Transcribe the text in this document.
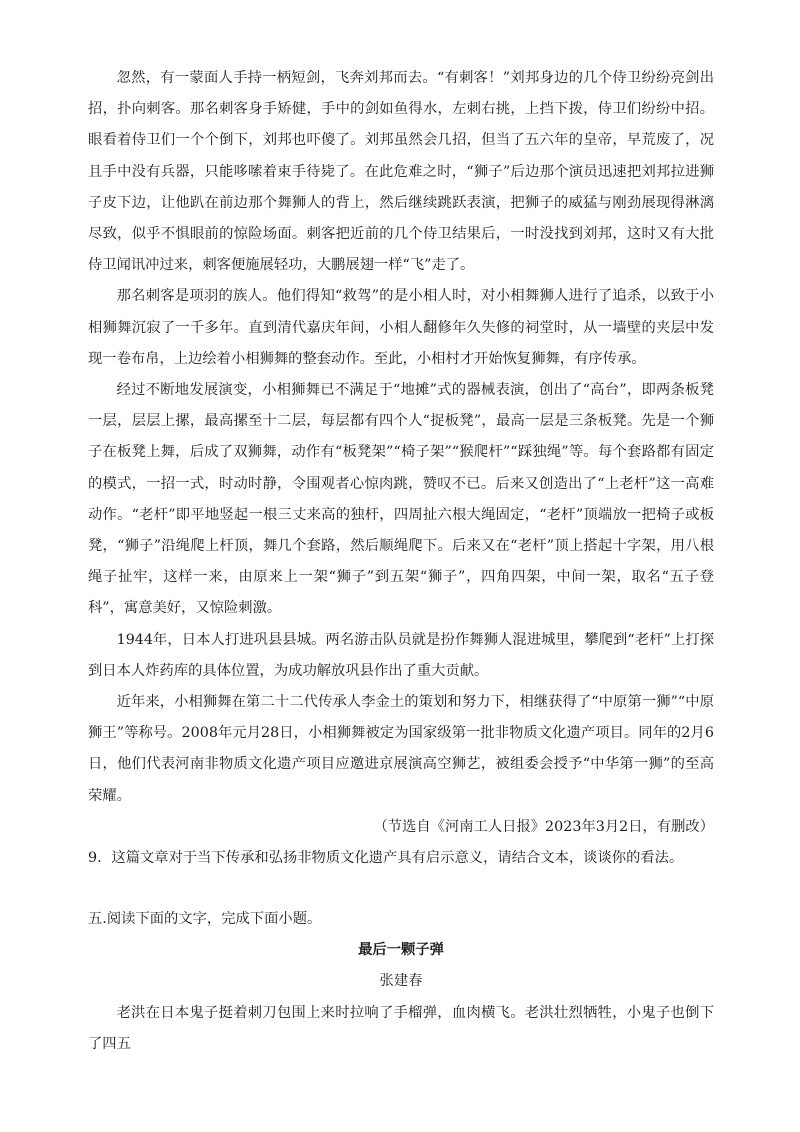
忽然，有一蒙面人手持一柄短剑，飞奔刘邦而去。“有刺客！”刘邦身边的几个侍卫纷纷亮剑出招，扑向刺客。那名刺客身手矫健，手中的剑如鱼得水，左刺右挑，上挡下拨，侍卫们纷纷中招。眼看着侍卫们一个个倒下，刘邦也吓傻了。刘邦虽然会几招，但当了五六年的皇帝，早荒废了，况且手中没有兵器，只能哆嗦着束手待毙了。在此危难之时，“狮子”后边那个演员迅速把刘邦拉进狮子皮下边，让他趴在前边那个舞狮人的背上，然后继续跳跃表演，把狮子的威猛与刚劲展现得淋漓尽致，似乎不惧眼前的惊险场面。刺客把近前的几个侍卫结果后，一时没找到刘邦，这时又有大批侍卫闻讯冲过来，刺客便施展轻功，大鹏展翅一样“飞”走了。

那名刺客是项羽的族人。他们得知“救驾”的是小相人时，对小相舞狮人进行了追杀，以致于小相狮舞沉寂了一千多年。直到清代嘉庆年间，小相人翻修年久失修的祠堂时，从一墙壁的夹层中发现一卷布帛，上边绘着小相狮舞的整套动作。至此，小相村才开始恢复狮舞，有序传承。

经过不断地发展演变，小相狮舞已不满足于“地摊”式的器械表演，创出了“高台”，即两条板凳一层，层层上摞，最高摞至十二层，每层都有四个人“捉板凳”，最高一层是三条板凳。先是一个狮子在板凳上舞，后成了双狮舞，动作有“板凳架”“椅子架”“猴爬杆”“踩独绳”等。每个套路都有固定的模式，一招一式，时动时静，令围观者心惊肉跳，赞叹不已。后来又创造出了“上老杆”这一高难动作。“老杆”即平地竖起一根三丈来高的独杆，四周扯六根大绳固定，“老杆”顶端放一把椅子或板凳，“狮子”沿绳爬上杆顶，舞几个套路，然后顺绳爬下。后来又在“老杆”顶上搭起十字架，用八根绳子扯牢，这样一来，由原来上一架“狮子”到五架“狮子”，四角四架，中间一架，取名“五子登科”，寓意美好，又惊险刺激。

1944年，日本人打进巩县县城。两名游击队员就是扮作舞狮人混进城里，攀爬到“老杆”上打探到日本人炸药库的具体位置，为成功解放巩县作出了重大贡献。

近年来，小相狮舞在第二十二代传承人李金土的策划和努力下，相继获得了“中原第一狮”“中原狮王”等称号。2008年元月28日，小相狮舞被定为国家级第一批非物质文化遗产项目。同年的2月6日，他们代表河南非物质文化遗产项目应邀进京展演高空狮艺，被组委会授予“中华第一狮”的至高荣耀。

（节选自《河南工人日报》2023年3月2日，有删改）

9．这篇文章对于当下传承和弘扬非物质文化遗产具有启示意义，请结合文本，谈谈你的看法。

五.阅读下面的文字，完成下面小题。

最后一颗子弹

张建春

老洪在日本鬼子挺着刺刀包围上来时拉响了手榴弹，血肉横飞。老洪壮烈牺牲，小鬼子也倒下了四五
